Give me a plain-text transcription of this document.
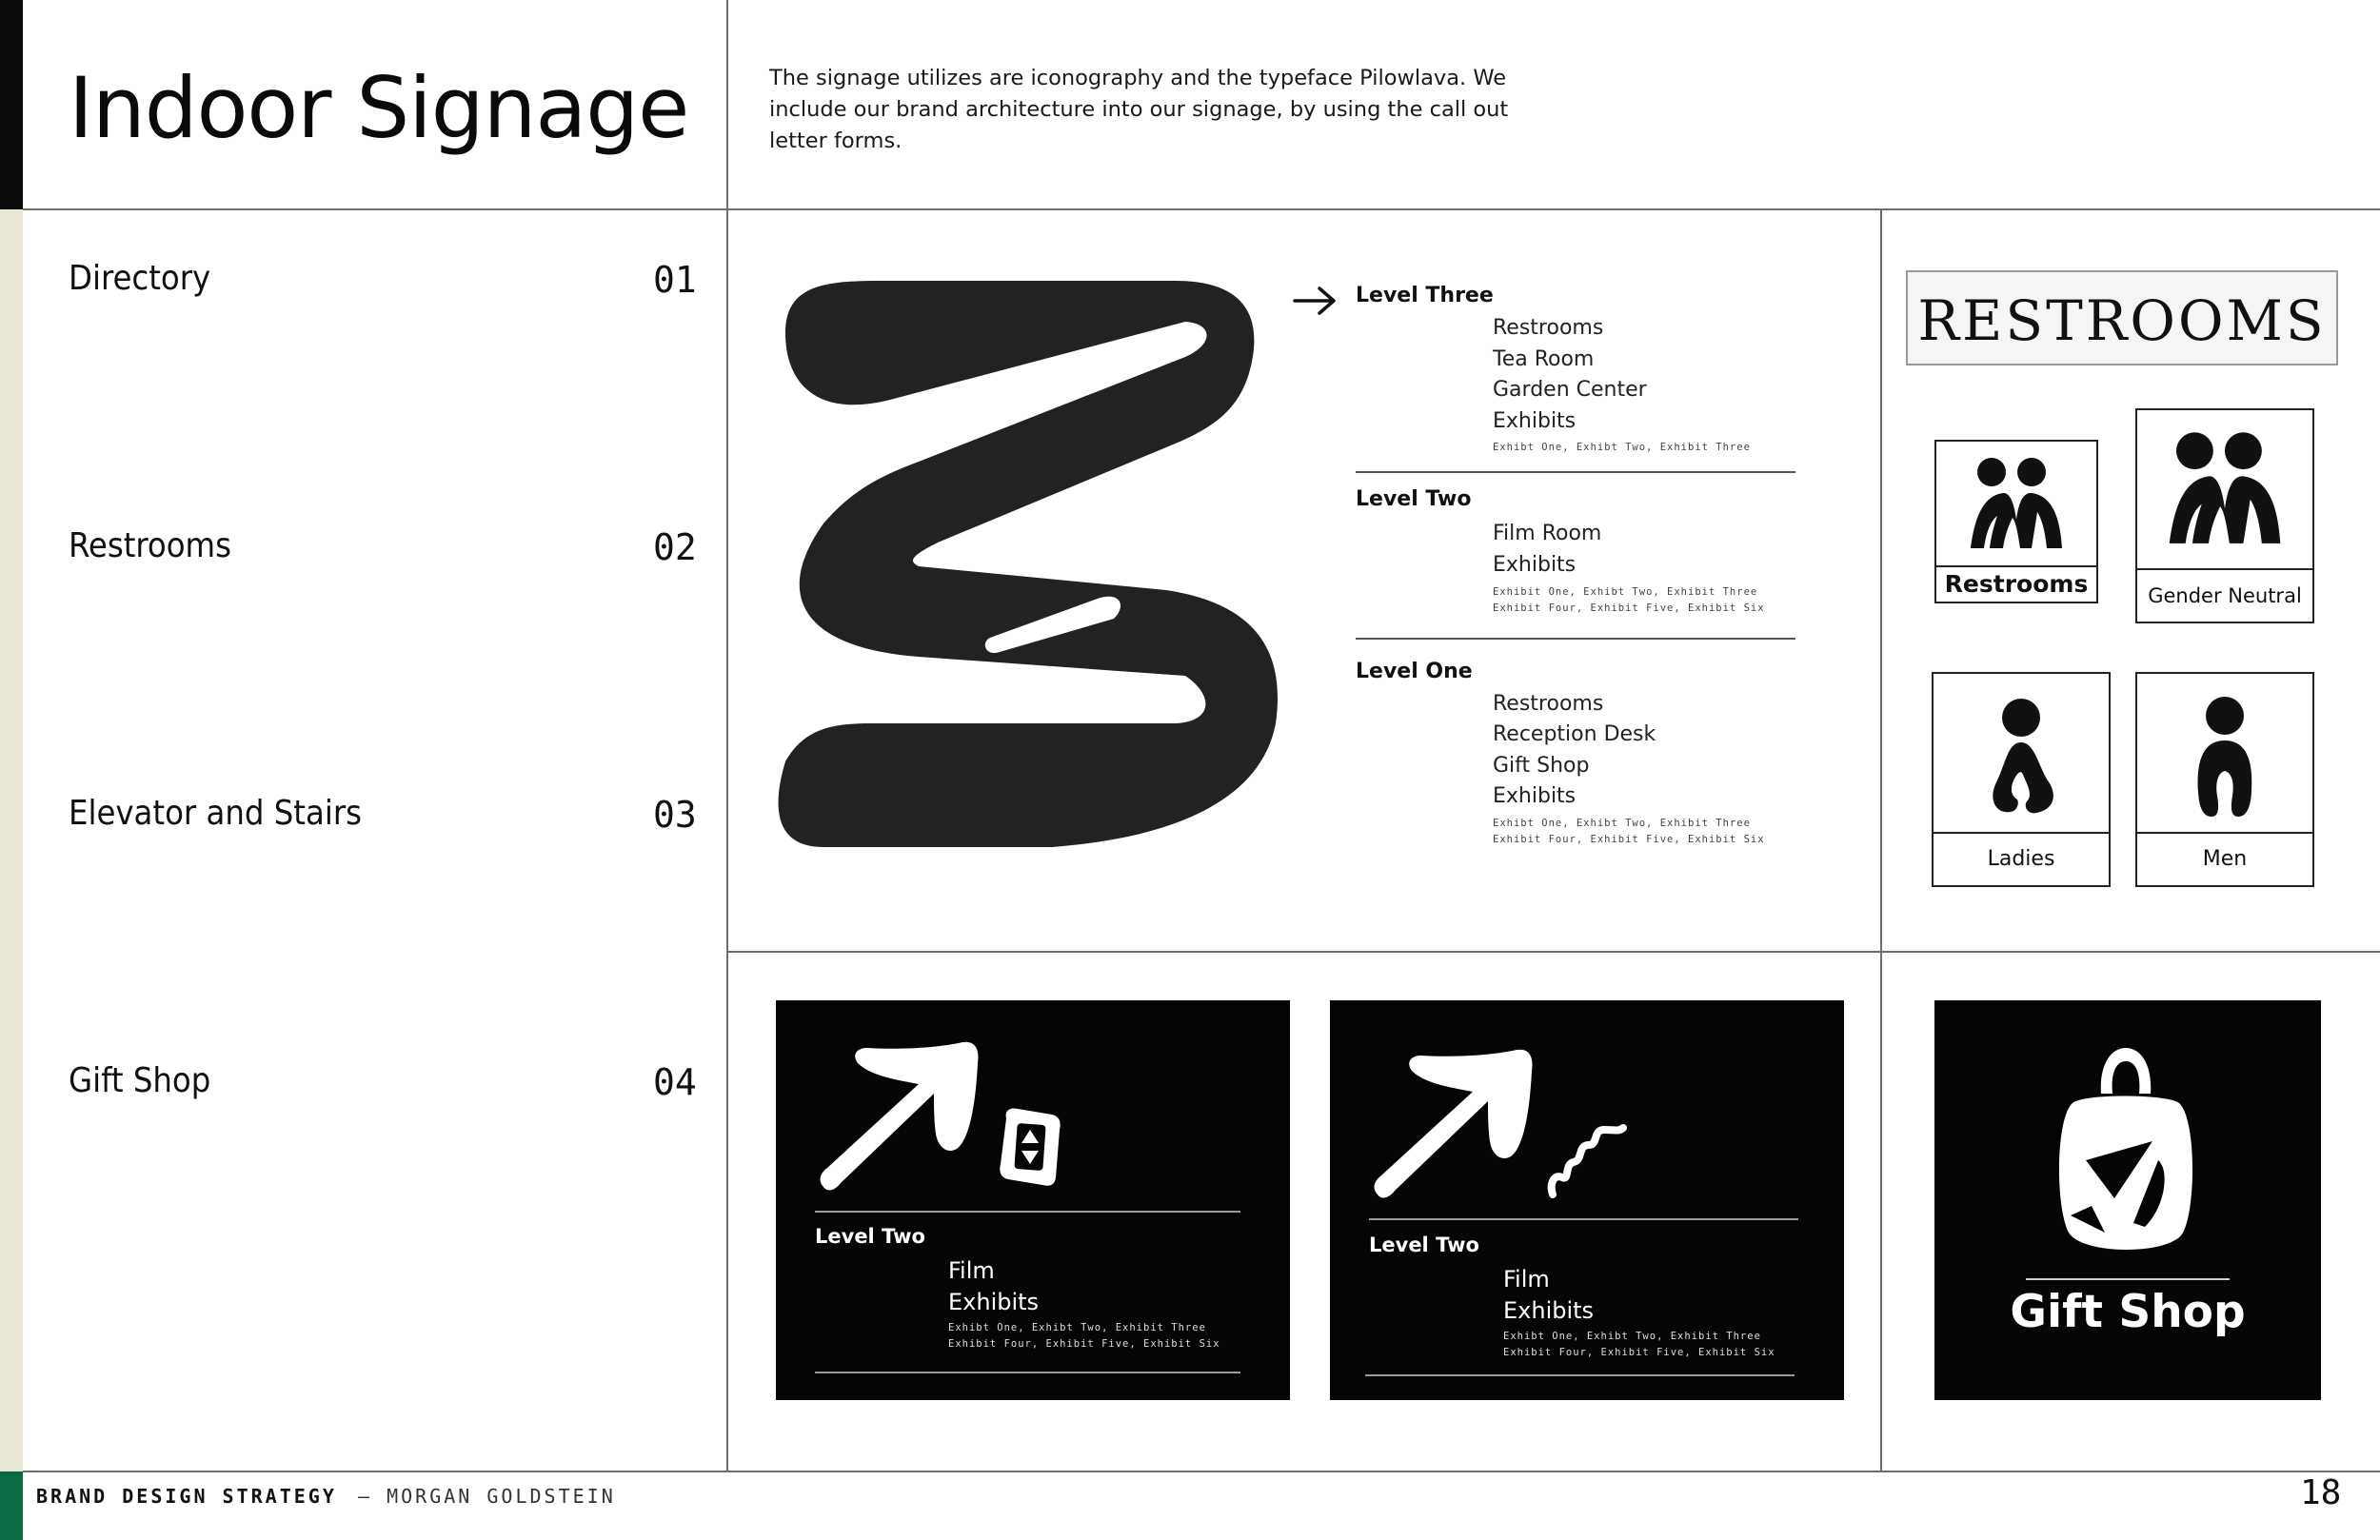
Indoor Signage	The signage utilizes are iconography and the typeface Pilowlava. We include our brand architecture into our signage, by using the call out letter forms.
Directory	01
Restrooms	02
Elevator and Stairs	03
Gift Shop	04
Level Three
Restrooms
Tea Room
Garden Center
Exhibits
Exhibt One, Exhibt Two, Exhibit Three
Level Two
Film Room
Exhibits
Exhibit One, Exhibt Two, Exhibit Three
Exhibit Four, Exhibit Five, Exhibit Six
Level One
Restrooms
Reception Desk
Gift Shop
Exhibits
Exhibt One, Exhibt Two, Exhibit Three
Exhibit Four, Exhibit Five, Exhibit Six
RESTROOMS
Restrooms	Gender Neutral
Ladies	Men
Level Two
Film
Exhibits
Exhibt One, Exhibt Two, Exhibit Three
Exhibit Four, Exhibit Five, Exhibit Six
Level Two
Film
Exhibits
Exhibt One, Exhibt Two, Exhibit Three
Exhibit Four, Exhibit Five, Exhibit Six
Gift Shop
BRAND DESIGN STRATEGY – MORGAN GOLDSTEIN	18
